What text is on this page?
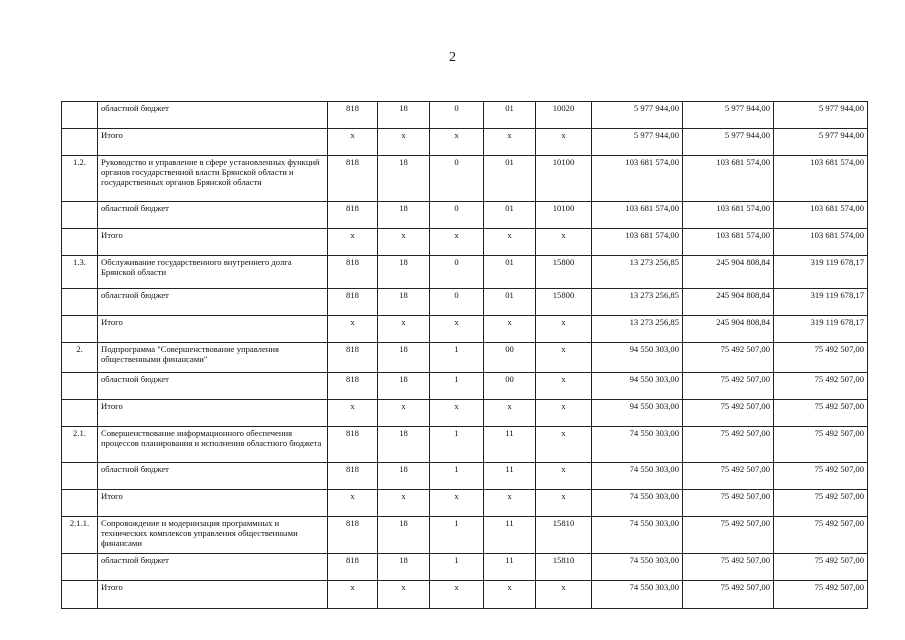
2
	областной бюджет	818	18	0	01	10020	5 977 944,00	5 977 944,00	5 977 944,00
	Итого	x	x	x	x	x	5 977 944,00	5 977 944,00	5 977 944,00
1.2.	Руководство и управление в сфере установленных функций органов государственной власти Брянской области и государственных органов Брянской области	818	18	0	01	10100	103 681 574,00	103 681 574,00	103 681 574,00
	областной бюджет	818	18	0	01	10100	103 681 574,00	103 681 574,00	103 681 574,00
	Итого	x	x	x	x	x	103 681 574,00	103 681 574,00	103 681 574,00
1.3.	Обслуживание государственного внутреннего долга Брянской области	818	18	0	01	15800	13 273 256,85	245 904 808,84	319 119 678,17
	областной бюджет	818	18	0	01	15800	13 273 256,85	245 904 808,84	319 119 678,17
	Итого	x	x	x	x	x	13 273 256,85	245 904 808,84	319 119 678,17
2.	Подпрограмма "Совершенствование управления общественными финансами"	818	18	1	00	x	94 550 303,00	75 492 507,00	75 492 507,00
	областной бюджет	818	18	1	00	x	94 550 303,00	75 492 507,00	75 492 507,00
	Итого	x	x	x	x	x	94 550 303,00	75 492 507,00	75 492 507,00
2.1.	Совершенствование информационного обеспечения процессов планирования и исполнения областного бюджета	818	18	1	11	x	74 550 303,00	75 492 507,00	75 492 507,00
	областной бюджет	818	18	1	11	x	74 550 303,00	75 492 507,00	75 492 507,00
	Итого	x	x	x	x	x	74 550 303,00	75 492 507,00	75 492 507,00
2.1.1.	Сопровождение и модернизация программных и технических комплексов управления общественными финансами	818	18	1	11	15810	74 550 303,00	75 492 507,00	75 492 507,00
	областной бюджет	818	18	1	11	15810	74 550 303,00	75 492 507,00	75 492 507,00
	Итого	x	x	x	x	x	74 550 303,00	75 492 507,00	75 492 507,00
